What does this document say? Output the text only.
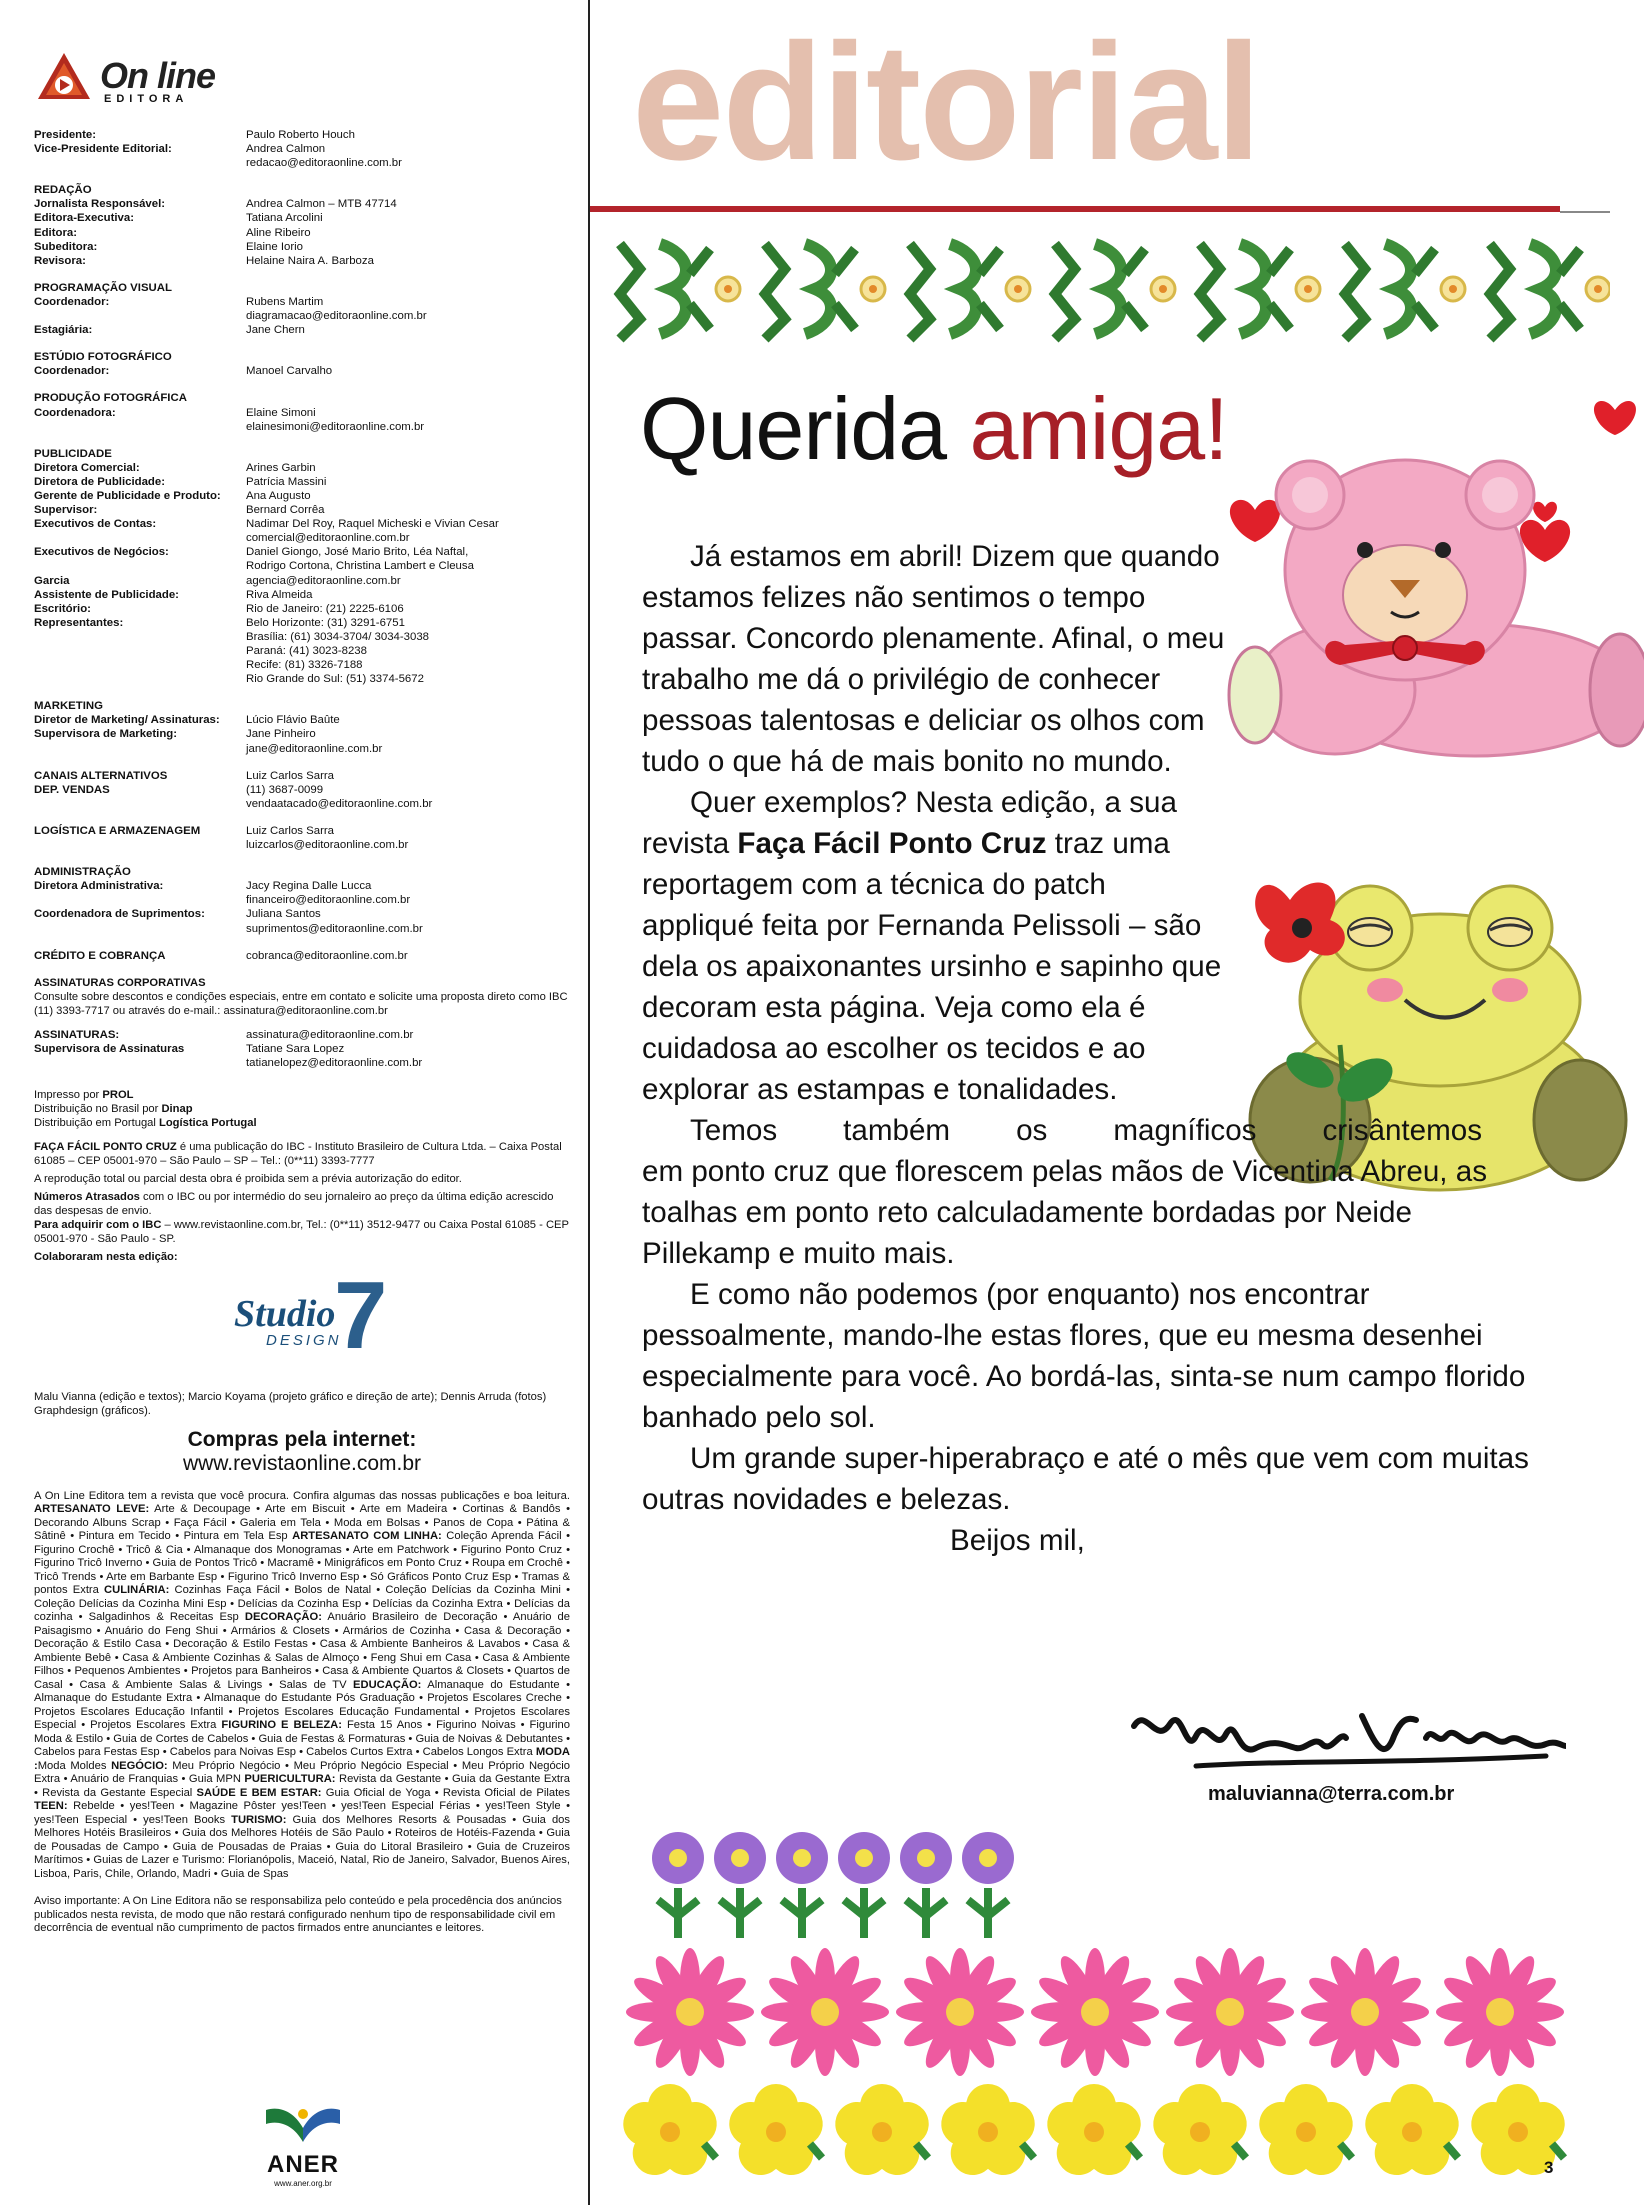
On line
EDITORA
Presidente:	Paulo Roberto Houch
Vice-Presidente Editorial:	Andrea Calmon
redacao@editoraonline.com.br
REDAÇÃO
Jornalista Responsável:	Andrea Calmon – MTB 47714
Editora-Executiva:	Tatiana Arcolini
Editora:	Aline Ribeiro
Subeditora:	Elaine Iorio
Revisora:	Helaine Naira A. Barboza
PROGRAMAÇÃO VISUAL
Coordenador:	Rubens Martim
diagramacao@editoraonline.com.br
Estagiária:	Jane Chern
ESTÚDIO FOTOGRÁFICO
Coordenador:	Manoel Carvalho
PRODUÇÃO FOTOGRÁFICA
Coordenadora:	Elaine Simoni
elainesimoni@editoraonline.com.br
PUBLICIDADE
Diretora Comercial:	Arines Garbin
Diretora de Publicidade:	Patrícia Massini
Gerente de Publicidade e Produto:	Ana Augusto
Supervisor:	Bernard Corrêa
Executivos de Contas:	Nadimar Del Roy, Raquel Micheski e Vivian Cesar
comercial@editoraonline.com.br
Executivos de Negócios:	Daniel Giongo, José Mario Brito, Léa Naftal,
Rodrigo Cortona, Christina Lambert e Cleusa
Garcia	agencia@editoraonline.com.br
Assistente de Publicidade:	Riva Almeida
Escritório:	Rio de Janeiro: (21) 2225-6106
Representantes:	Belo Horizonte: (31) 3291-6751
Brasília: (61) 3034-3704/ 3034-3038
Paraná: (41) 3023-8238
Recife: (81) 3326-7188
Rio Grande do Sul: (51) 3374-5672
MARKETING
Diretor de Marketing/ Assinaturas:	Lúcio Flávio Baûte
Supervisora de Marketing:	Jane Pinheiro
jane@editoraonline.com.br
CANAIS ALTERNATIVOS	Luiz Carlos Sarra
DEP. VENDAS	(11) 3687-0099
vendaatacado@editoraonline.com.br
LOGÍSTICA E ARMAZENAGEM	Luiz Carlos Sarra
luizcarlos@editoraonline.com.br
ADMINISTRAÇÃO
Diretora Administrativa:	Jacy Regina Dalle Lucca
financeiro@editoraonline.com.br
Coordenadora de Suprimentos:	Juliana Santos
suprimentos@editoraonline.com.br
CRÉDITO E COBRANÇA	cobranca@editoraonline.com.br
ASSINATURAS CORPORATIVAS
Consulte sobre descontos e condições especiais, entre em contato e solicite uma proposta direto como IBC (11) 3393-7717 ou através do e-mail.: assinatura@editoraonline.com.br
ASSINATURAS:	assinatura@editoraonline.com.br
Supervisora de Assinaturas	Tatiane Sara Lopez
tatianelopez@editoraonline.com.br
Impresso por PROL
Distribuição no Brasil por Dinap
Distribuição em Portugal Logística Portugal
FAÇA FÁCIL PONTO CRUZ é uma publicação do IBC - Instituto Brasileiro de Cultura Ltda. – Caixa Postal 61085 – CEP 05001-970 – São Paulo – SP – Tel.: (0**11) 3393-7777
A reprodução total ou parcial desta obra é proibida sem a prévia autorização do editor.
Números Atrasados com o IBC ou por intermédio do seu jornaleiro ao preço da última edição acrescido das despesas de envio.
Para adquirir com o IBC – www.revistaonline.com.br, Tel.: (0**11) 3512-9477 ou Caixa Postal 61085 - CEP 05001-970 - São Paulo - SP.
Colaboraram nesta edição:
Studio
7
DESIGN
Malu Vianna (edição e textos); Marcio Koyama (projeto gráfico e direção de arte); Dennis Arruda (fotos) Graphdesign (gráficos).
Compras pela internet:
www.revistaonline.com.br
A On Line Editora tem a revista que você procura. Confira algumas das nossas publicações e boa leitura. ARTESANATO LEVE: Arte & Decoupage • Arte em Biscuit • Arte em Madeira • Cortinas & Bandôs • Decorando Albuns Scrap • Faça Fácil • Galeria em Tela • Moda em Bolsas • Panos de Copa • Pátina & Sâtinê • Pintura em Tecido • Pintura em Tela Esp ARTESANATO COM LINHA: Coleção Aprenda Fácil • Figurino Crochê • Tricô & Cia • Almanaque dos Monogramas • Arte em Patchwork • Figurino Ponto Cruz • Figurino Tricô Inverno • Guia de Pontos Tricô • Macramê • Minigráficos em Ponto Cruz • Roupa em Crochê • Tricô Trends • Arte em Barbante Esp • Figurino Tricô Inverno Esp • Só Gráficos Ponto Cruz Esp • Tramas & pontos Extra CULINÁRIA: Cozinhas Faça Fácil • Bolos de Natal • Coleção Delícias da Cozinha Mini • Coleção Delícias da Cozinha Mini Esp • Delícias da Cozinha Esp • Delícias da Cozinha Extra • Delícias da cozinha • Salgadinhos & Receitas Esp DECORAÇÃO: Anuário Brasileiro de Decoração • Anuário de Paisagismo • Anuário do Feng Shui • Armários & Closets • Armários de Cozinha • Casa & Decoração • Decoração & Estilo Casa • Decoração & Estilo Festas • Casa & Ambiente Banheiros & Lavabos • Casa & Ambiente Bebê • Casa & Ambiente Cozinhas & Salas de Almoço • Feng Shui em Casa • Casa & Ambiente Filhos • Pequenos Ambientes • Projetos para Banheiros • Casa & Ambiente Quartos & Closets • Quartos de Casal • Casa & Ambiente Salas & Livings • Salas de TV EDUCAÇÃO: Almanaque do Estudante • Almanaque do Estudante Extra • Almanaque do Estudante Pós Graduação • Projetos Escolares Creche • Projetos Escolares Educação Infantil • Projetos Escolares Educação Fundamental • Projetos Escolares Especial • Projetos Escolares Extra FIGURINO E BELEZA: Festa 15 Anos • Figurino Noivas • Figurino Moda & Estilo • Guia de Cortes de Cabelos • Guia de Festas & Formaturas • Guia de Noivas & Debutantes • Cabelos para Festas Esp • Cabelos para Noivas Esp • Cabelos Curtos Extra • Cabelos Longos Extra MODA :Moda Moldes NEGÓCIO: Meu Próprio Negócio • Meu Próprio Negócio Especial • Meu Próprio Negócio Extra • Anuário de Franquias • Guia MPN PUERICULTURA: Revista da Gestante • Guia da Gestante Extra • Revista da Gestante Especial SAÚDE E BEM ESTAR: Guia Oficial de Yoga • Revista Oficial de Pilates TEEN: Rebelde • yes!Teen • Magazine Pôster yes!Teen • yes!Teen Especial Férias • yes!Teen Style • yes!Teen Especial • yes!Teen Books TURISMO: Guia dos Melhores Resorts & Pousadas • Guia dos Melhores Hotéis Brasileiros • Guia dos Melhores Hotéis de São Paulo • Roteiros de Hotéis-Fazenda • Guia de Pousadas de Campo • Guia de Pousadas de Praias • Guia do Litoral Brasileiro • Guia de Cruzeiros Marítimos • Guias de Lazer e Turismo: Florianópolis, Maceió, Natal, Rio de Janeiro, Salvador, Buenos Aires, Lisboa, Paris, Chile, Orlando, Madri • Guia de Spas
Aviso importante: A On Line Editora não se responsabiliza pelo conteúdo e pela procedência dos anúncios publicados nesta revista, de modo que não restará configurado nenhum tipo de responsabilidade civil em decorrência de eventual não cumprimento de pactos firmados entre anunciantes e leitores.
ANER
www.aner.org.br
editorial
Querida amiga!
Já estamos em abril! Dizem que quando estamos felizes não sentimos o tempo passar. Concordo plenamente. Afinal, o meu trabalho me dá o privilégio de conhecer pessoas talentosas e deliciar os olhos com tudo o que há de mais bonito no mundo.
Quer exemplos? Nesta edição, a sua revista Faça Fácil Ponto Cruz traz uma reportagem com a técnica do patch appliqué feita por Fernanda Pelissoli – são dela os apaixonantes ursinho e sapinho que decoram esta página. Veja como ela é cuidadosa ao escolher os tecidos e ao explorar as estampas e tonalidades.
Temos também os magníficos crisântemos
em ponto cruz que florescem pelas mãos de Vicentina Abreu, as toalhas em ponto reto calculadamente bordadas por Neide Pillekamp e muito mais.
E como não podemos (por enquanto) nos encontrar pessoalmente, mando-lhe estas flores, que eu mesma desenhei especialmente para você. Ao bordá-las, sinta-se num campo florido banhado pelo sol.
Um grande super-hiperabraço e até o mês que vem com muitas outras novidades e belezas.
Beijos mil,
maluvianna@terra.com.br
3
